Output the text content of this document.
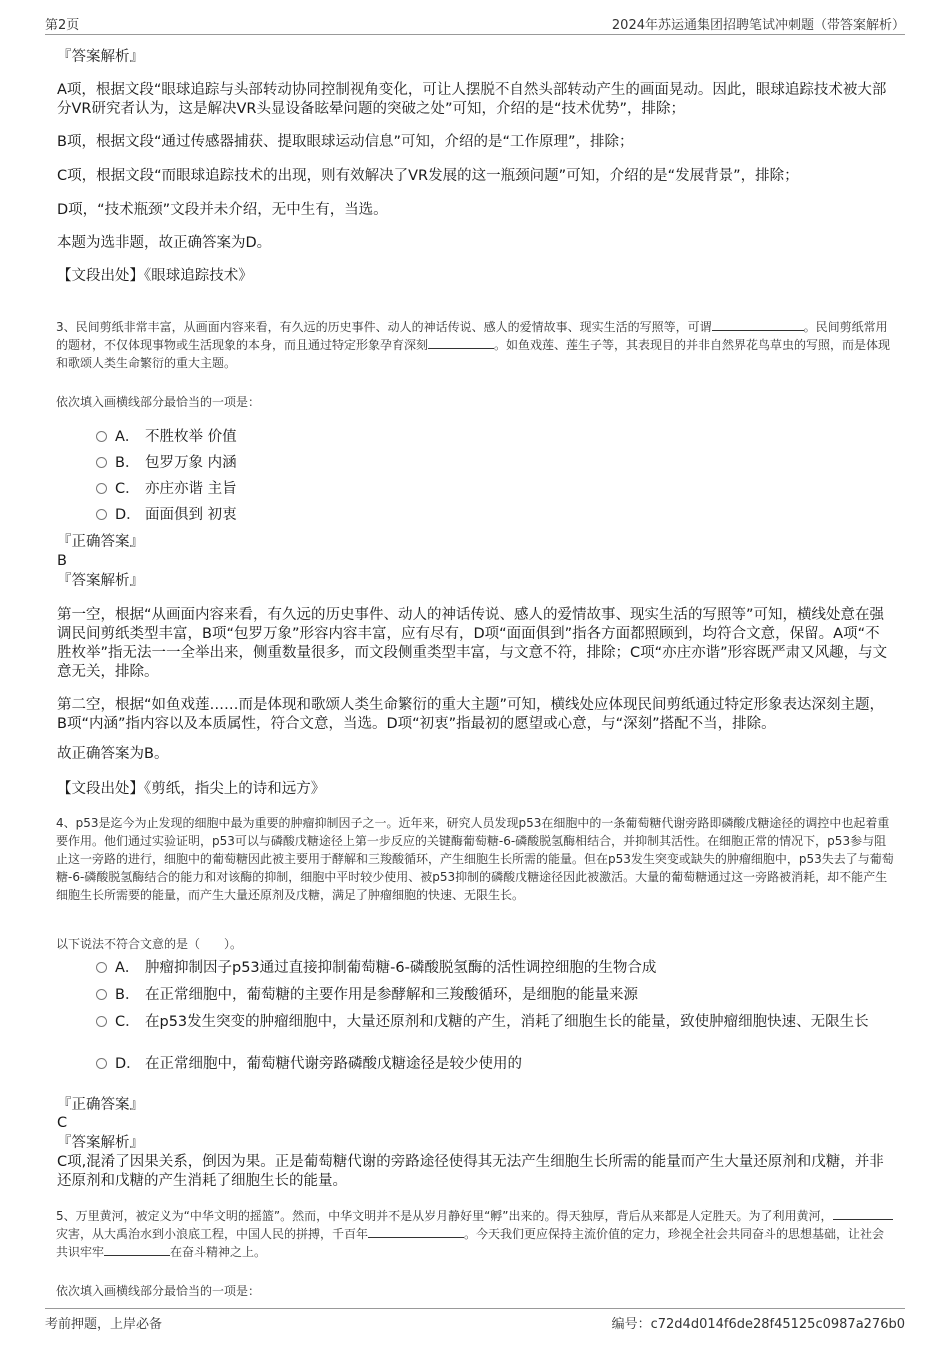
第2页	2024年苏运通集团招聘笔试冲刺题（带答案解析）
『答案解析』
A项，根据文段“眼球追踪与头部转动协同控制视角变化，可让人摆脱不自然头部转动产生的画面晃动。因此，眼球追踪技术被大部分VR研究者认为，这是解决VR头显设备眩晕问题的突破之处”可知，介绍的是“技术优势”，排除；
B项，根据文段“通过传感器捕获、提取眼球运动信息”可知，介绍的是“工作原理”，排除；
C项，根据文段“而眼球追踪技术的出现，则有效解决了VR发展的这一瓶颈问题”可知，介绍的是“发展背景”，排除；
D项，“技术瓶颈”文段并未介绍，无中生有，当选。
本题为选非题，故正确答案为D。
【文段出处】《眼球追踪技术》
3、民间剪纸非常丰富，从画面内容来看，有久远的历史事件、动人的神话传说、感人的爱情故事、现实生活的写照等，可谓	。民间剪纸常用的题材，不仅体现事物或生活现象的本身，而且通过特定形象孕育深刻	。如鱼戏莲、莲生子等，其表现目的并非自然界花鸟草虫的写照，而是体现和歌颂人类生命繁衍的重大主题。
依次填入画横线部分最恰当的一项是：
A． 不胜枚举 价值
B． 包罗万象 内涵
C． 亦庄亦谐 主旨
D． 面面俱到 初衷
『正确答案』
B
『答案解析』
第一空，根据“从画面内容来看，有久远的历史事件、动人的神话传说、感人的爱情故事、现实生活的写照等”可知，横线处意在强调民间剪纸类型丰富，B项“包罗万象”形容内容丰富，应有尽有，D项“面面俱到”指各方面都照顾到，均符合文意，保留。A项“不胜枚举”指无法一一全举出来，侧重数量很多，而文段侧重类型丰富，与文意不符，排除；C项“亦庄亦谐”形容既严肃又风趣，与文意无关，排除。
第二空，根据“如鱼戏莲……而是体现和歌颂人类生命繁衍的重大主题”可知，横线处应体现民间剪纸通过特定形象表达深刻主题，B项“内涵”指内容以及本质属性，符合文意，当选。D项“初衷”指最初的愿望或心意，与“深刻”搭配不当，排除。
故正确答案为B。
【文段出处】《剪纸，指尖上的诗和远方》
4、p53是迄今为止发现的细胞中最为重要的肿瘤抑制因子之一。近年来，研究人员发现p53在细胞中的一条葡萄糖代谢旁路即磷酸戊糖途径的调控中也起着重要作用。他们通过实验证明，p53可以与磷酸戊糖途径上第一步反应的关键酶葡萄糖-6-磷酸脱氢酶相结合，并抑制其活性。在细胞正常的情况下，p53参与阻止这一旁路的进行，细胞中的葡萄糖因此被主要用于酵解和三羧酸循环，产生细胞生长所需的能量。但在p53发生突变或缺失的肿瘤细胞中，p53失去了与葡萄糖-6-磷酸脱氢酶结合的能力和对该酶的抑制，细胞中平时较少使用、被p53抑制的磷酸戊糖途径因此被激活。大量的葡萄糖通过这一旁路被消耗，却不能产生细胞生长所需要的能量，而产生大量还原剂及戊糖，满足了肿瘤细胞的快速、无限生长。
以下说法不符合文意的是（　　）。
A． 肿瘤抑制因子p53通过直接抑制葡萄糖-6-磷酸脱氢酶的活性调控细胞的生物合成
B． 在正常细胞中，葡萄糖的主要作用是参酵解和三羧酸循环，是细胞的能量来源
C． 在p53发生突变的肿瘤细胞中，大量还原剂和戊糖的产生，消耗了细胞生长的能量，致使肿瘤细胞快速、无限生长
D． 在正常细胞中，葡萄糖代谢旁路磷酸戊糖途径是较少使用的
『正确答案』
C
『答案解析』
C项,混淆了因果关系，倒因为果。正是葡萄糖代谢的旁路途径使得其无法产生细胞生长所需的能量而产生大量还原剂和戊糖，并非还原剂和戊糖的产生消耗了细胞生长的能量。
5、万里黄河，被定义为“中华文明的摇篮”。然而，中华文明并不是从岁月静好里“孵”出来的。得天独厚，背后从来都是人定胜天。为了利用黄河，灾害，从大禹治水到小浪底工程，中国人民的拼搏，千百年	。今天我们更应保持主流价值的定力，珍视全社会共同奋斗的思想基础，让社会共识牢牢	在奋斗精神之上。
依次填入画横线部分最恰当的一项是：
考前押题，上岸必备	编号：c72d4d014f6de28f45125c0987a276b0
